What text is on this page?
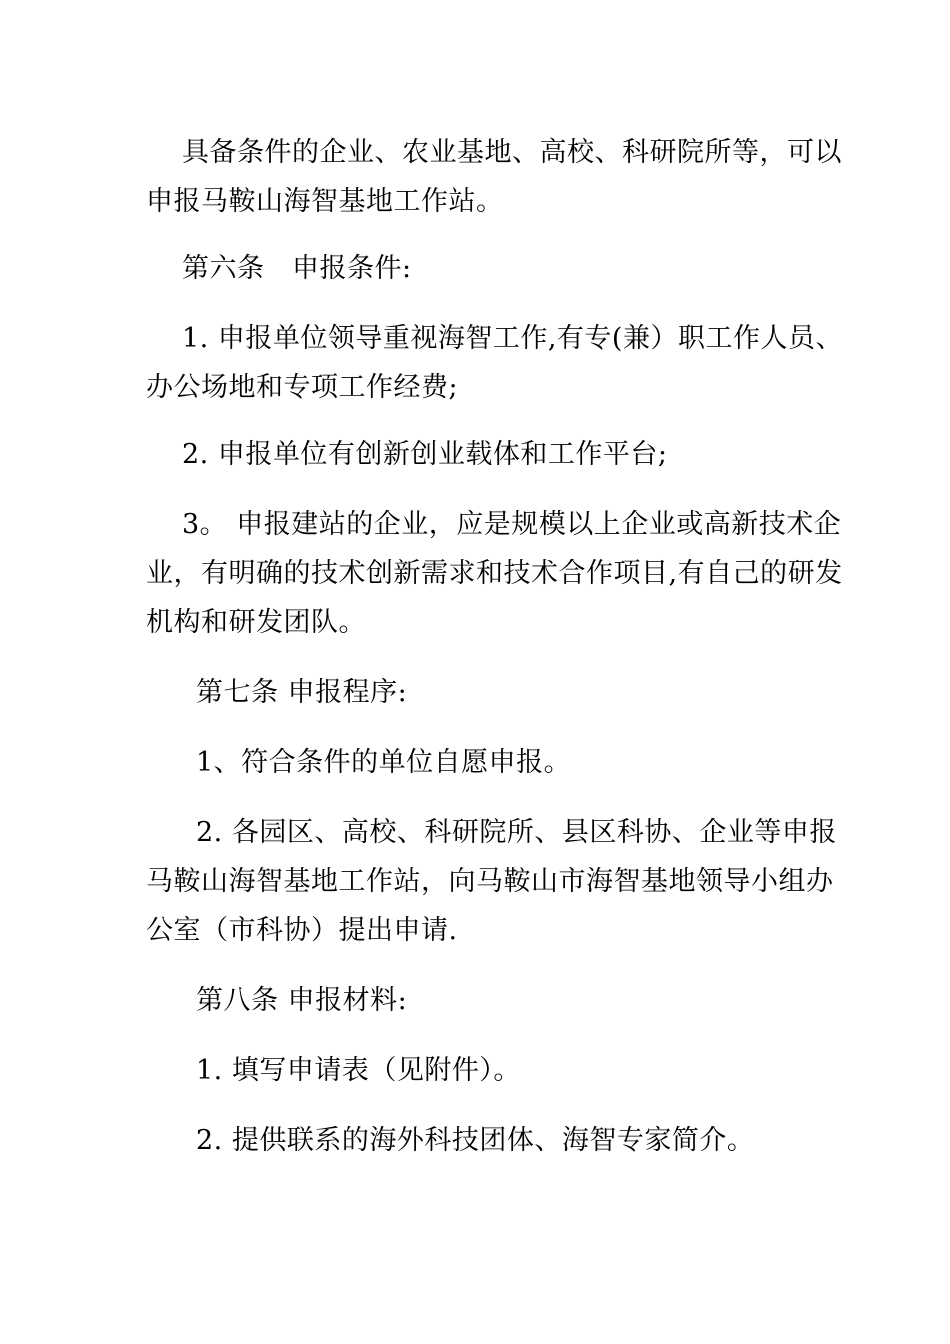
具备条件的企业、农业基地、高校、科研院所等，可以
申报马鞍山海智基地工作站。
第六条　申报条件:
1. 申报单位领导重视海智工作,有专(兼）职工作人员、
办公场地和专项工作经费;
2. 申报单位有创新创业载体和工作平台;
3。 申报建站的企业，应是规模以上企业或高新技术企
业，有明确的技术创新需求和技术合作项目,有自己的研发
机构和研发团队。
第七条 申报程序:
1、符合条件的单位自愿申报。
2. 各园区、高校、科研院所、县区科协、企业等申报
马鞍山海智基地工作站，向马鞍山市海智基地领导小组办
公室（市科协）提出申请.
第八条 申报材料:
1. 填写申请表（见附件）。
2. 提供联系的海外科技团体、海智专家简介。
